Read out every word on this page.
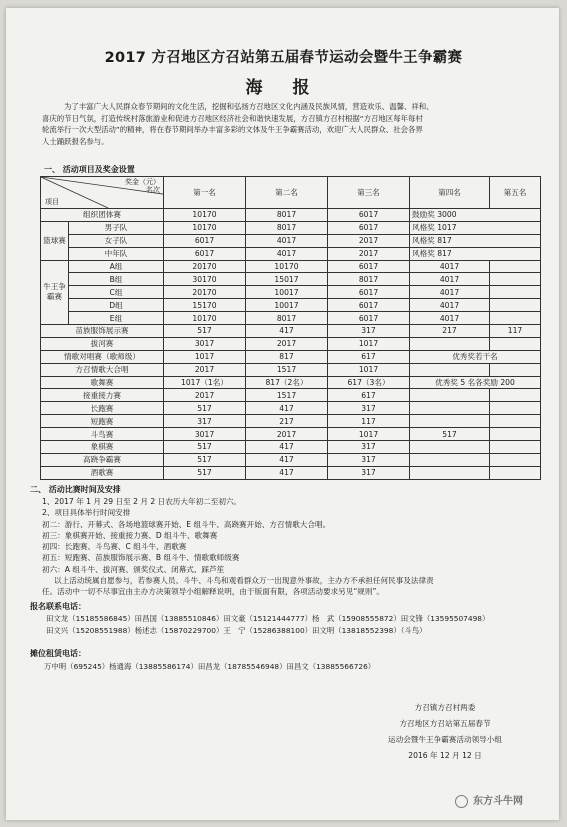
2017 方召地区方召站第五届春节运动会暨牛王争霸赛
海 报
为了丰富广大人民群众春节期间的文化生活，挖掘和弘扬方召地区文化内涵及民族风情，营造欢乐、温馨、祥和、
喜庆的节日气氛，打造传统村落旅游业和促进方召地区经济社会和谐快速发展，方召镇方召村根据“方召地区每年每村
轮流举行一次大型活动”的精神，将在春节期间举办丰富多彩的文体及牛王争霸赛活动，欢迎广大人民群众、社会各界
人士踊跃报名参与。
一、 活动项目及奖金设置
奖金（元）
名次
项目		第一名	第二名	第三名	第四名	第五名
组织团体赛		10170	8017	6017	鼓励奖 3000	
篮球赛	男子队	10170	8017	6017	风格奖 1017	
	女子队	6017	4017	2017	风格奖 817	
	中年队	6017	4017	2017	风格奖 817	
牛王争霸赛	A组	20170	10170	6017	4017	
	B组	30170	15017	8017	4017	
	C组	20170	10017	6017	4017	
	D组	15170	10017	6017	4017	
	E组	10170	8017	6017	4017	
苗族服饰展示赛		517	417	317	217	117
拔河赛		3017	2017	1017		
情歌对唱赛（歌师级）		1017	817	617	优秀奖若干名	
方召情歌大合唱		2017	1517	1017		
歌舞赛		1017（1名）	817（2名）	617（3名）	优秀奖 5 名各奖励 200	
接重接力赛		2017	1517	617		
长跑赛		517	417	317		
短跑赛		317	217	117		
斗鸟赛		3017	2017	1017	517	
象棋赛		517	417	317		
高跷争霸赛		517	417	317		
酒歌赛		517	417	317		
二、 活动比赛时间及安排
1、2017 年 1 月 29 日至 2 月 2 日农历大年初二至初六。
2、项目具体举行时间安排
初二：游行、开幕式、各场地篮球赛开始、E 组斗牛、高跷赛开始、方召情歌大合唱。
初三：象棋赛开始、接重接力赛、D 组斗牛、歌舞赛
初四：长跑赛、斗鸟赛、C 组斗牛、酒歌赛
初五：短跑赛、苗族服饰展示赛、B 组斗牛、情歌歌师级赛
初六：A 组斗牛、拔河赛、颁奖仪式、闭幕式、踩芦笙
以上活动统属自愿参与，若参赛人员、斗牛、斗鸟和观看群众万一出现意外事故，主办方不承担任何民事及法律责
任。活动中一切不尽事宜由主办方决策领导小组解释说明，由于版面有限，各项活动要求另见“规则”。
报名联系电话：
田文龙（15185586845）田昌国（13885510846）田文豪（15121444777）杨　武（15908555872）田文锋（13595507498）
田文兴（15208551988）杨述志（15870229700）王　宁（15286388100）田文明（13818552398）（斗鸟）
摊位租赁电话：
万中明（695245）杨通海（13885586174）田昌龙（18785546948）田昌文（13885566726）
方召镇方召村两委
方召地区方召站第五届春节
运动会暨牛王争霸赛活动领导小组
2016 年 12 月 12 日
东方斗牛网
